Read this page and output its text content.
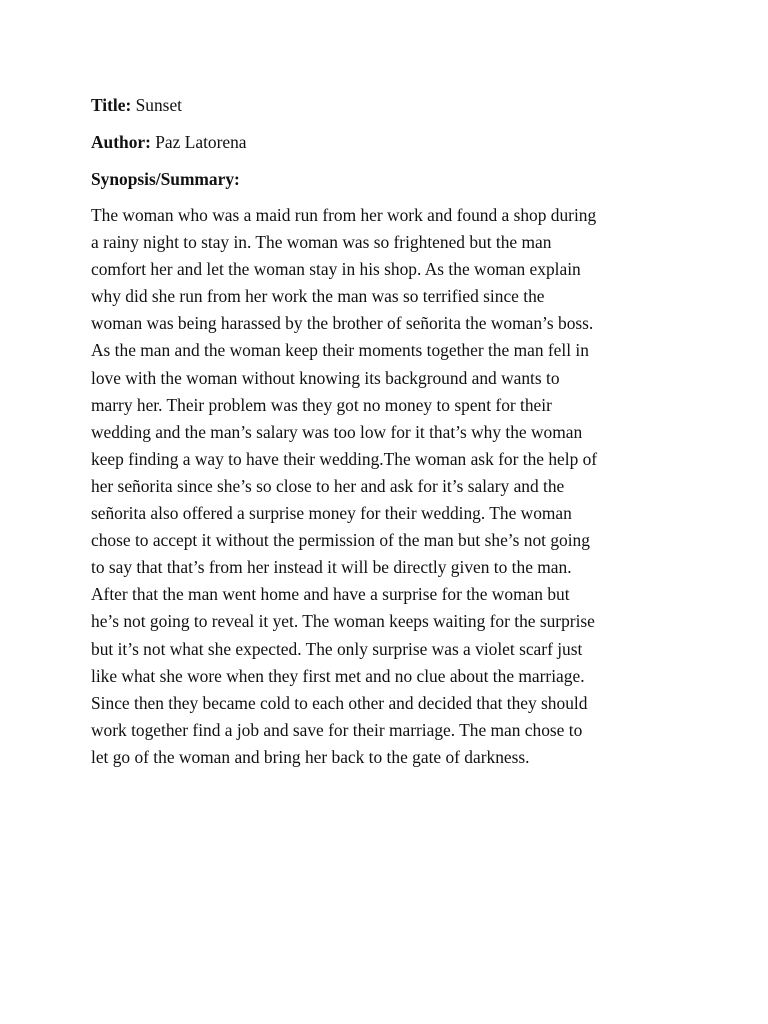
Title: Sunset

Author: Paz Latorena

Synopsis/Summary:

The woman who was a maid run from her work and found a shop during
a rainy night to stay in. The woman was so frightened but the man
comfort her and let the woman stay in his shop. As the woman explain
why did she run from her work the man was so terrified since the
woman was being harassed by the brother of señorita the woman’s boss.
As the man and the woman keep their moments together the man fell in
love with the woman without knowing its background and wants to
marry her. Their problem was they got no money to spent for their
wedding and the man’s salary was too low for it that’s why the woman
keep finding a way to have their wedding.The woman ask for the help of
her señorita since she’s so close to her and ask for it’s salary and the
señorita also offered a surprise money for their wedding. The woman
chose to accept it without the permission of the man but she’s not going
to say that that’s from her instead it will be directly given to the man.
After that the man went home and have a surprise for the woman but
he’s not going to reveal it yet. The woman keeps waiting for the surprise
but it’s not what she expected. The only surprise was a violet scarf just
like what she wore when they first met and no clue about the marriage.
Since then they became cold to each other and decided that they should
work together find a job and save for their marriage. The man chose to
let go of the woman and bring her back to the gate of darkness.
